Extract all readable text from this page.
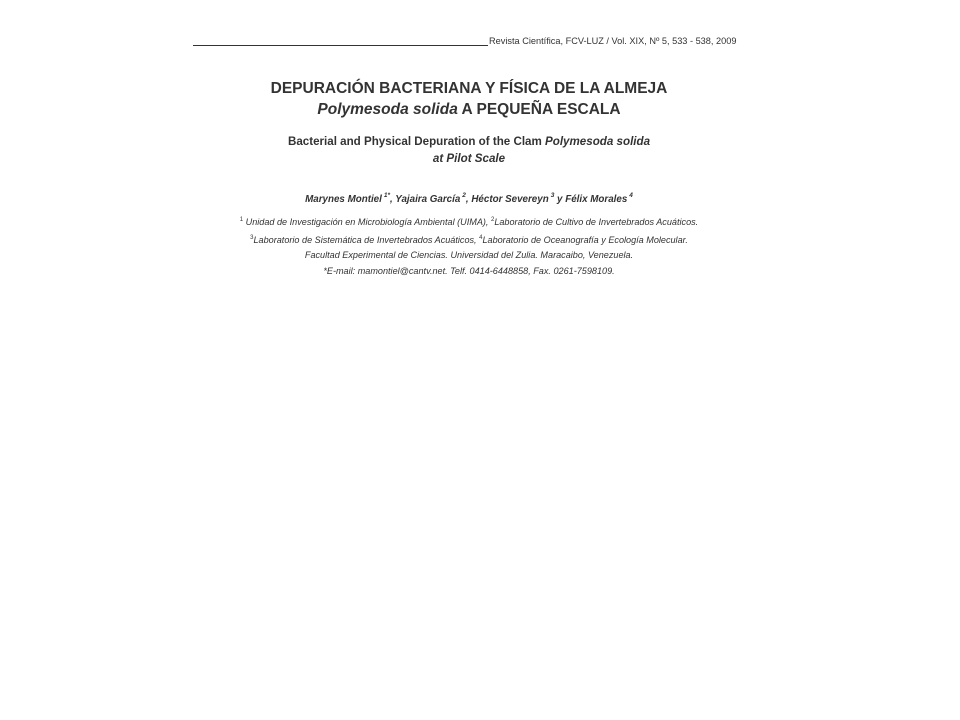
Revista Científica, FCV-LUZ / Vol. XIX, Nº 5, 533 - 538, 2009
DEPURACIÓN BACTERIANA Y FÍSICA DE LA ALMEJA
Polymesoda solida A PEQUEÑA ESCALA
Bacterial and Physical Depuration of the Clam Polymesoda solida
at Pilot Scale
Marynes Montiel $^{1*}$, Yajaira García $^2$, Héctor Severeyn $^3$ y Félix Morales $^4$
$^1$ Unidad de Investigación en Microbiología Ambiental (UIMA), $^2$Laboratorio de Cultivo de Invertebrados Acuáticos.
$^3$Laboratorio de Sistemática de Invertebrados Acuáticos, $^4$Laboratorio de Oceanografía y Ecología Molecular.
Facultad Experimental de Ciencias. Universidad del Zulia. Maracaibo, Venezuela.
*E-mail: mamontiel@cantv.net. Telf. 0414-6448858, Fax. 0261-7598109.
